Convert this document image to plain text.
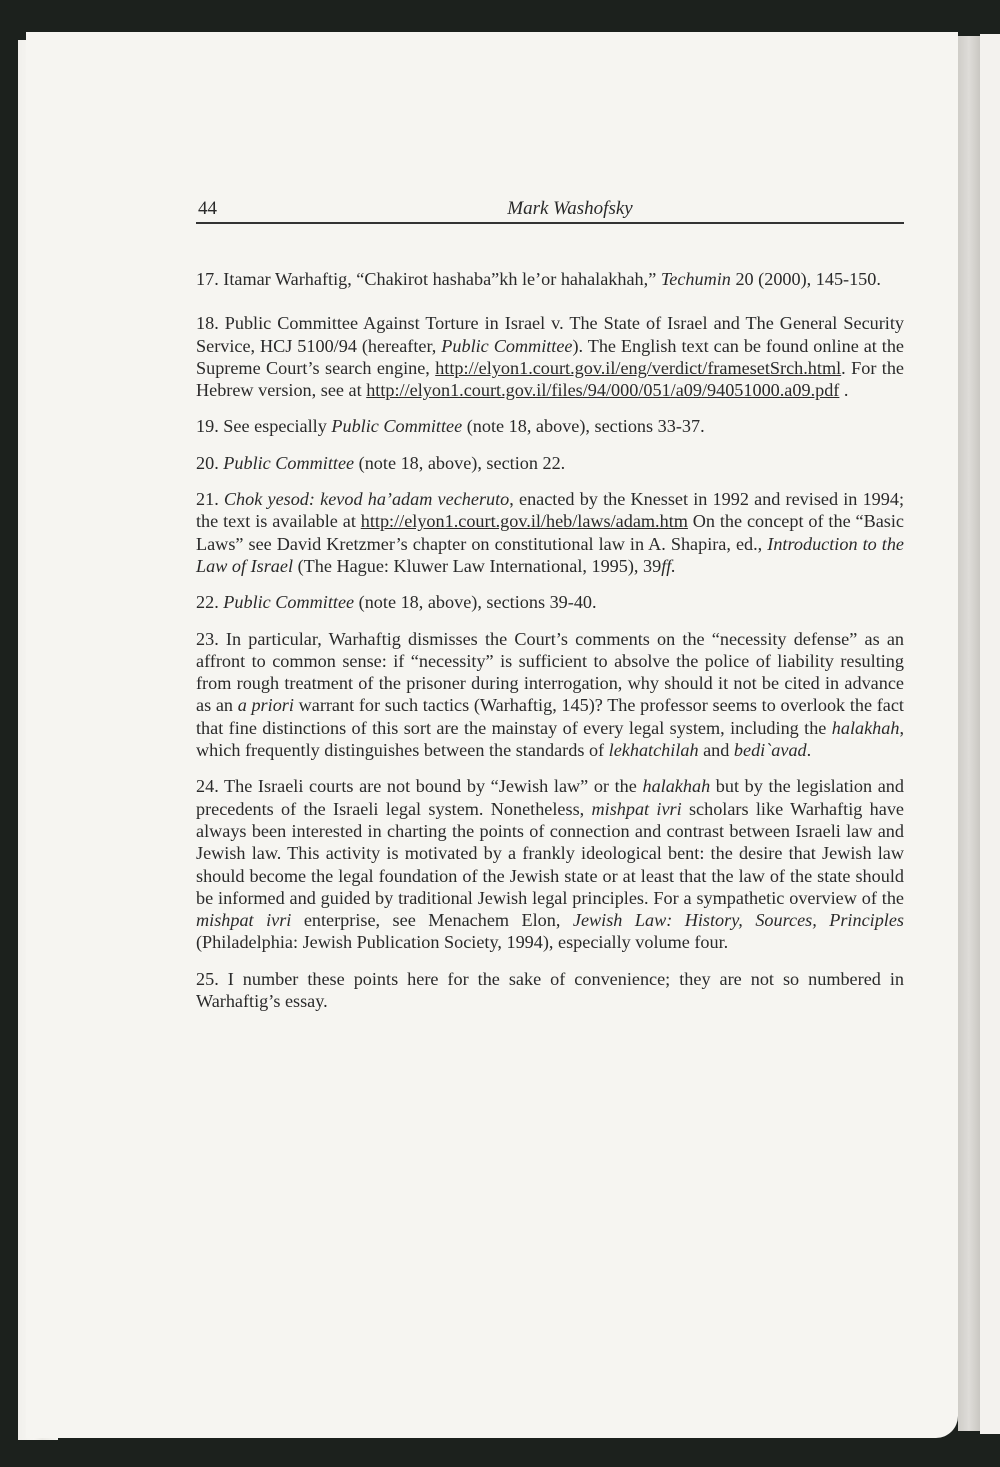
44	Mark Washofsky

17. Itamar Warhaftig, “Chakirot hashaba”kh le’or hahalakhah,” Techumin 20 (2000), 145-150.

18. Public Committee Against Torture in Israel v. The State of Israel and The General Security Service, HCJ 5100/94 (hereafter, Public Committee). The English text can be found online at the Supreme Court’s search engine, http://elyon1.court.gov.il/eng/verdict/framesetSrch.html. For the Hebrew version, see at http://elyon1.court.gov.il/files/94/000/051/a09/94051000.a09.pdf .

19. See especially Public Committee (note 18, above), sections 33-37.

20. Public Committee (note 18, above), section 22.

21. Chok yesod: kevod ha’adam vecheruto, enacted by the Knesset in 1992 and revised in 1994; the text is available at http://elyon1.court.gov.il/heb/laws/adam.htm On the concept of the “Basic Laws” see David Kretzmer’s chapter on constitutional law in A. Shapira, ed., Introduction to the Law of Israel (The Hague: Kluwer Law International, 1995), 39ff.

22. Public Committee (note 18, above), sections 39-40.

23. In particular, Warhaftig dismisses the Court’s comments on the “necessity defense” as an affront to common sense: if “necessity” is sufficient to absolve the police of liability resulting from rough treatment of the prisoner during interrogation, why should it not be cited in advance as an a priori warrant for such tactics (Warhaftig, 145)? The professor seems to overlook the fact that fine distinctions of this sort are the mainstay of every legal system, including the halakhah, which frequently distinguishes between the standards of lekhatchilah and bedi`avad.

24. The Israeli courts are not bound by “Jewish law” or the halakhah but by the legislation and precedents of the Israeli legal system. Nonetheless, mishpat ivri scholars like Warhaftig have always been interested in charting the points of connection and contrast between Israeli law and Jewish law. This activity is motivated by a frankly ideological bent: the desire that Jewish law should become the legal foundation of the Jewish state or at least that the law of the state should be informed and guided by traditional Jewish legal principles. For a sympathetic overview of the mishpat ivri enterprise, see Menachem Elon, Jewish Law: History, Sources, Principles (Philadelphia: Jewish Publication Society, 1994), especially volume four.

25. I number these points here for the sake of convenience; they are not so numbered in Warhaftig’s essay.
